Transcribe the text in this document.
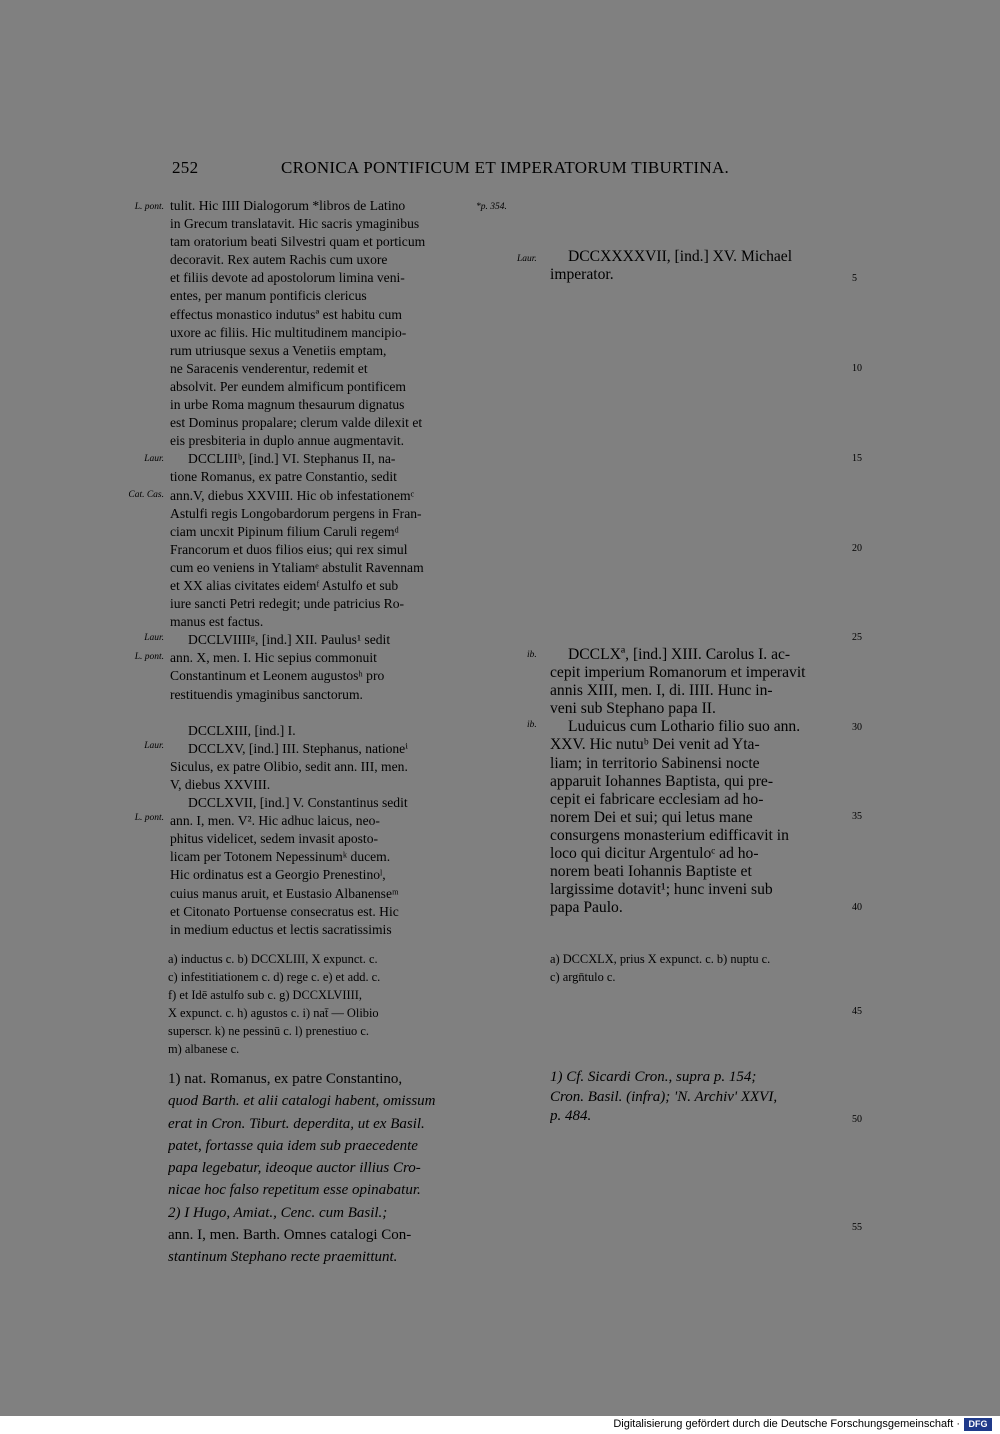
252	CRONICA PONTIFICUM ET IMPERATORUM TIBURTINA.
L. pont.
Laur.
Cat. Cas.
Laur.
L. pont.
Laur.
L. pont.
*p. 354.
Laur.
ib.
ib.
5
10
15
20
25
30
35
40
45
50
55
tulit. Hic IIII Dialogorum *libros de Latino
in Grecum translatavit. Hic sacris ymaginibus
tam oratorium beati Silvestri quam et porticum
decoravit. Rex autem Rachis cum uxore
et filiis devote ad apostolorum limina veni-
entes, per manum pontificis clericus
effectus monastico indutusª est habitu cum
uxore ac filiis. Hic multitudinem mancipio-
rum utriusque sexus a Venetiis emptam,
ne Saracenis venderentur, redemit et
absolvit. Per eundem almificum pontificem
in urbe Roma magnum thesaurum dignatus
est Dominus propalare; clerum valde dilexit et
eis presbiteria in duplo annue augmentavit.
DCCLIIIᵇ, [ind.] VI. Stephanus II, na-
tione Romanus, ex patre Constantio, sedit
ann.V, diebus XXVIII. Hic ob infestationemᶜ
Astulfi regis Longobardorum pergens in Fran-
ciam uncxit Pipinum filium Caruli regemᵈ
Francorum et duos filios eius; qui rex simul
cum eo veniens in Ytaliamᵉ abstulit Ravennam
et XX alias civitates eidemᶠ Astulfo et sub
iure sancti Petri redegit; unde patricius Ro-
manus est factus.
DCCLVIIIIᵍ, [ind.] XII. Paulus¹ sedit
ann. X, men. I. Hic sepius commonuit
Constantinum et Leonem augustosʰ pro
restituendis ymaginibus sanctorum.
DCCLXIII, [ind.] I.
DCCLXV, [ind.] III. Stephanus, nationeⁱ
Siculus, ex patre Olibio, sedit ann. III, men.
V, diebus XXVIII.
DCCLXVII, [ind.] V. Constantinus sedit
ann. I, men. V². Hic adhuc laicus, neo-
phitus videlicet, sedem invasit aposto-
licam per Totonem Nepessinumᵏ ducem.
Hic ordinatus est a Georgio Prenestinoˡ,
cuius manus aruit, et Eustasio Albanenseᵐ
et Citonato Portuense consecratus est. Hic
in medium eductus et lectis sacratissimis
DCCXXXXVII, [ind.] XV. Michael
imperator.
DCCLXª, [ind.] XIII. Carolus I. ac-
cepit imperium Romanorum et imperavit
annis XIII, men. I, di. IIII. Hunc in-
veni sub Stephano papa II.
Luduicus cum Lothario filio suo ann.
XXV. Hic nutuᵇ Dei venit ad Yta-
liam; in territorio Sabinensi nocte
apparuit Iohannes Baptista, qui pre-
cepit ei fabricare ecclesiam ad ho-
norem Dei et sui; qui letus mane
consurgens monasterium edifficavit in
loco qui dicitur Argentuloᶜ ad ho-
norem beati Iohannis Baptiste et
largissime dotavit¹; hunc inveni sub
papa Paulo.
a) inductus c. b) DCCXLIII, X expunct. c.
c) infestitiationem c. d) rege c. e) et add. c.
f) et Idē astulfo sub c. g) DCCXLVIIII,
X expunct. c. h) agustos c. i) nat̄ — Olibio
superscr. k) ne pessinū c. l) prenestiuo c.
m) albanese c.
a) DCCXLX, prius X expunct. c. b) nuptu c.
c) argn̄tulo c.
1) nat. Romanus, ex patre Constantino,
quod Barth. et alii catalogi habent, omissum
erat in Cron. Tiburt. deperdita, ut ex Basil.
patet, fortasse quia idem sub praecedente
papa legebatur, ideoque auctor illius Cro-
nicae hoc falso repetitum esse opinabatur.
2) I Hugo, Amiat., Cenc. cum Basil.;
ann. I, men. Barth. Omnes catalogi Con-
stantinum Stephano recte praemittunt.
1) Cf. Sicardi Cron., supra p. 154;
Cron. Basil. (infra); 'N. Archiv' XXVI,
p. 484.
Digitalisierung gefördert durch die Deutsche Forschungsgemeinschaft · DFG
